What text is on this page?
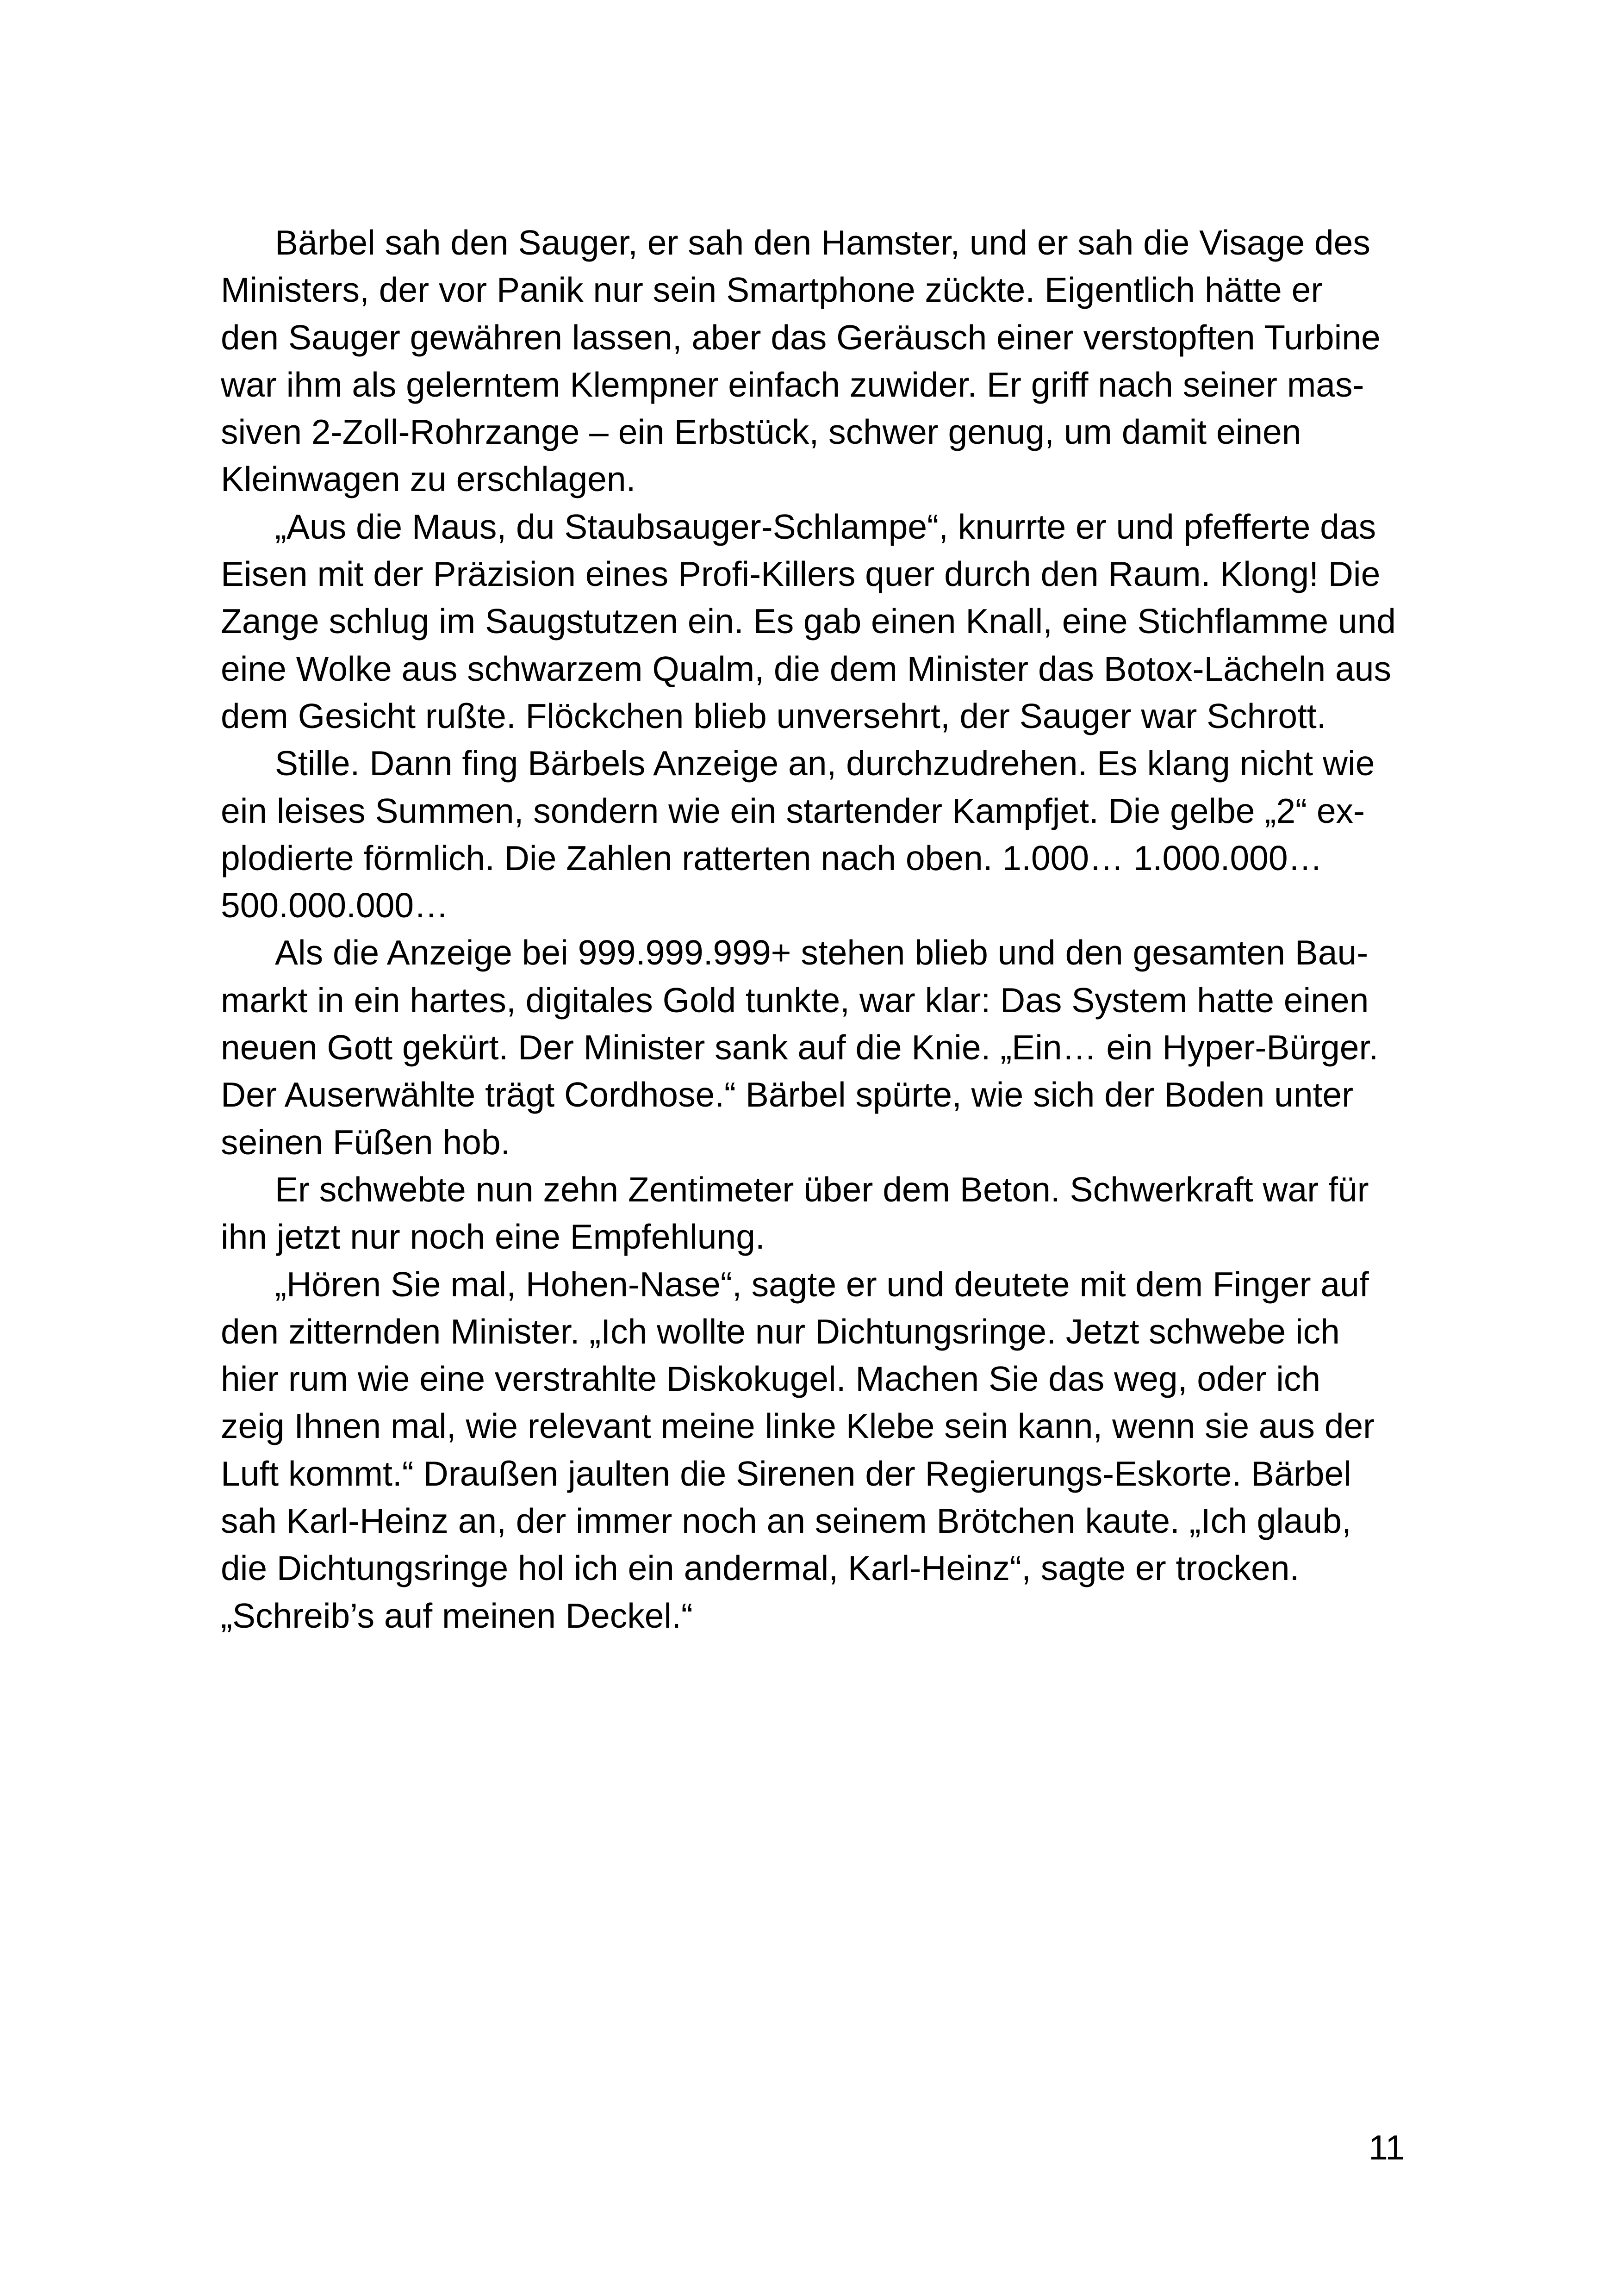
Bärbel sah den Sauger, er sah den Hamster, und er sah die Visage des
Ministers, der vor Panik nur sein Smartphone zückte. Eigentlich hätte er
den Sauger gewähren lassen, aber das Geräusch einer verstopften Turbine
war ihm als gelerntem Klempner einfach zuwider. Er griff nach seiner mas-
siven 2-Zoll-Rohrzange – ein Erbstück, schwer genug, um damit einen
Kleinwagen zu erschlagen.
„Aus die Maus, du Staubsauger-Schlampe“, knurrte er und pfefferte das
Eisen mit der Präzision eines Profi-Killers quer durch den Raum. Klong! Die
Zange schlug im Saugstutzen ein. Es gab einen Knall, eine Stichflamme und
eine Wolke aus schwarzem Qualm, die dem Minister das Botox-Lächeln aus
dem Gesicht rußte. Flöckchen blieb unversehrt, der Sauger war Schrott.
Stille. Dann fing Bärbels Anzeige an, durchzudrehen. Es klang nicht wie
ein leises Summen, sondern wie ein startender Kampfjet. Die gelbe „2“ ex-
plodierte förmlich. Die Zahlen ratterten nach oben. 1.000… 1.000.000…
500.000.000…
Als die Anzeige bei 999.999.999+ stehen blieb und den gesamten Bau-
markt in ein hartes, digitales Gold tunkte, war klar: Das System hatte einen
neuen Gott gekürt. Der Minister sank auf die Knie. „Ein… ein Hyper-Bürger.
Der Auserwählte trägt Cordhose.“ Bärbel spürte, wie sich der Boden unter
seinen Füßen hob.
Er schwebte nun zehn Zentimeter über dem Beton. Schwerkraft war für
ihn jetzt nur noch eine Empfehlung.
„Hören Sie mal, Hohen-Nase“, sagte er und deutete mit dem Finger auf
den zitternden Minister. „Ich wollte nur Dichtungsringe. Jetzt schwebe ich
hier rum wie eine verstrahlte Diskokugel. Machen Sie das weg, oder ich
zeig Ihnen mal, wie relevant meine linke Klebe sein kann, wenn sie aus der
Luft kommt.“ Draußen jaulten die Sirenen der Regierungs-Eskorte. Bärbel
sah Karl-Heinz an, der immer noch an seinem Brötchen kaute. „Ich glaub,
die Dichtungsringe hol ich ein andermal, Karl-Heinz“, sagte er trocken.
„Schreib’s auf meinen Deckel.“
11
